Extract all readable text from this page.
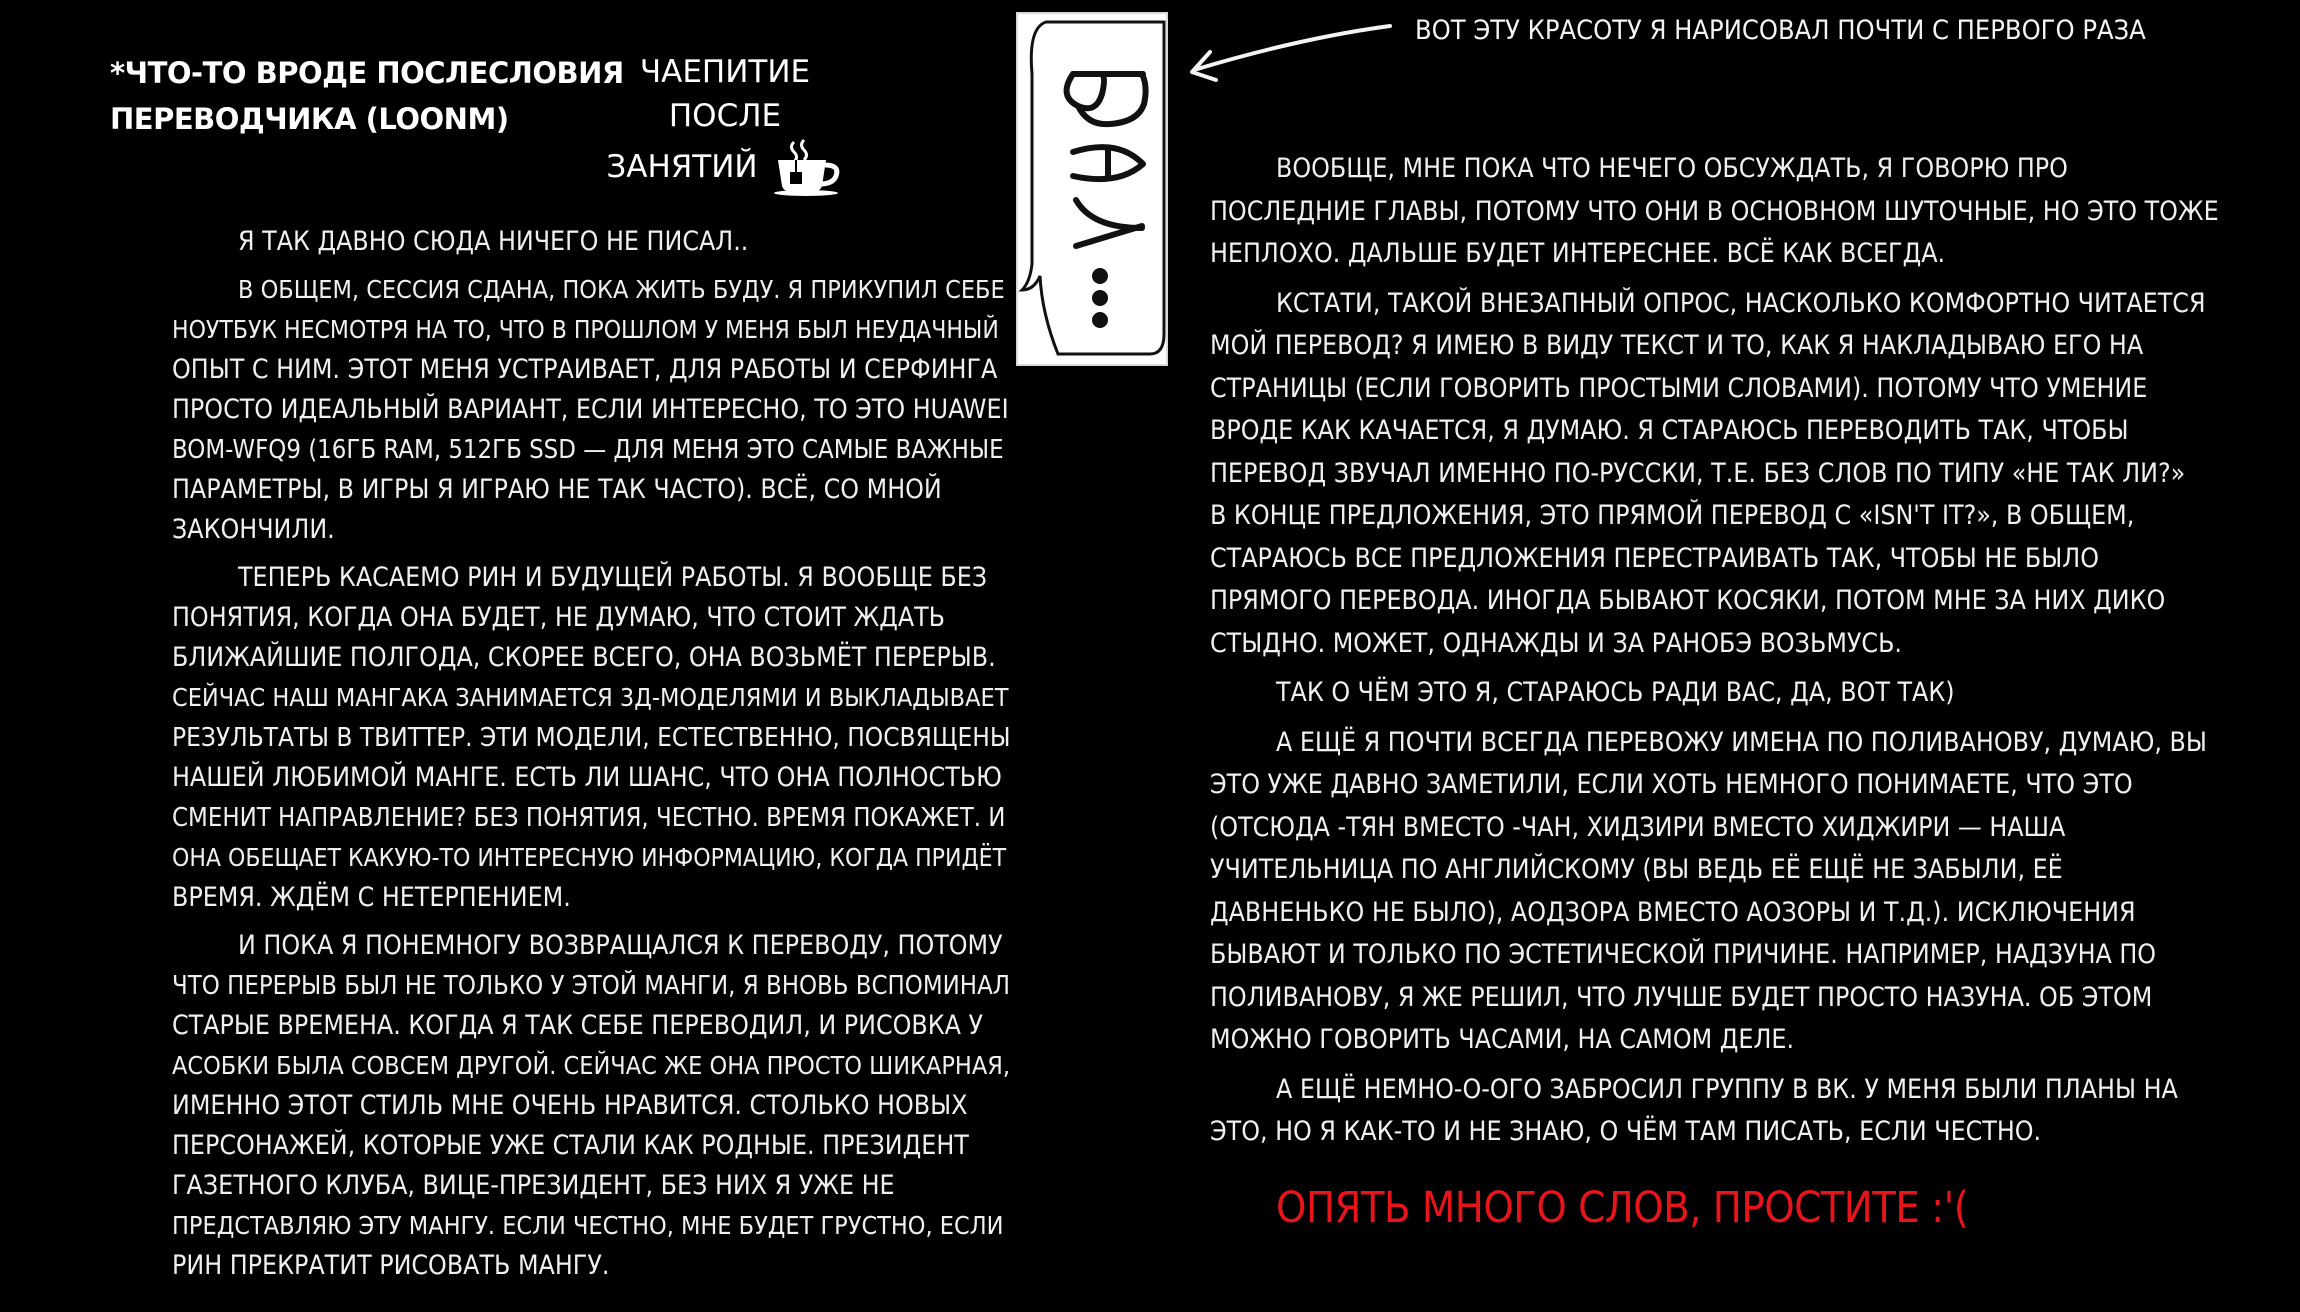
*ЧТО-ТО ВРОДЕ ПОСЛЕСЛОВИЯ
ПЕРЕВОДЧИКА (LOONM)
ЧАЕПИТИЕ
ПОСЛЕ
ЗАНЯТИЙ
ВОТ ЭТУ КРАСОТУ Я НАРИСОВАЛ ПОЧТИ С ПЕРВОГО РАЗА
Я ТАК ДАВНО СЮДА НИЧЕГО НЕ ПИСАЛ..
В ОБЩЕМ, СЕССИЯ СДАНА, ПОКА ЖИТЬ БУДУ. Я ПРИКУПИЛ СЕБЕ
НОУТБУК НЕСМОТРЯ НА ТО, ЧТО В ПРОШЛОМ У МЕНЯ БЫЛ НЕУДАЧНЫЙ
ОПЫТ С НИМ. ЭТОТ МЕНЯ УСТРАИВАЕТ, ДЛЯ РАБОТЫ И СЕРФИНГА
ПРОСТО ИДЕАЛЬНЫЙ ВАРИАНТ, ЕСЛИ ИНТЕРЕСНО, ТО ЭТО HUAWEI
BOM-WFQ9 (16ГБ RAM, 512ГБ SSD — ДЛЯ МЕНЯ ЭТО САМЫЕ ВАЖНЫЕ
ПАРАМЕТРЫ, В ИГРЫ Я ИГРАЮ НЕ ТАК ЧАСТО). ВСЁ, СО МНОЙ
ЗАКОНЧИЛИ.
ТЕПЕРЬ КАСАЕМО РИН И БУДУЩЕЙ РАБОТЫ. Я ВООБЩЕ БЕЗ
ПОНЯТИЯ, КОГДА ОНА БУДЕТ, НЕ ДУМАЮ, ЧТО СТОИТ ЖДАТЬ
БЛИЖАЙШИЕ ПОЛГОДА, СКОРЕЕ ВСЕГО, ОНА ВОЗЬМЁТ ПЕРЕРЫВ.
СЕЙЧАС НАШ МАНГАКА ЗАНИМАЕТСЯ 3Д-МОДЕЛЯМИ И ВЫКЛАДЫВАЕТ
РЕЗУЛЬТАТЫ В ТВИТТЕР. ЭТИ МОДЕЛИ, ЕСТЕСТВЕННО, ПОСВЯЩЕНЫ
НАШЕЙ ЛЮБИМОЙ МАНГЕ. ЕСТЬ ЛИ ШАНС, ЧТО ОНА ПОЛНОСТЬЮ
СМЕНИТ НАПРАВЛЕНИЕ? БЕЗ ПОНЯТИЯ, ЧЕСТНО. ВРЕМЯ ПОКАЖЕТ. И
ОНА ОБЕЩАЕТ КАКУЮ-ТО ИНТЕРЕСНУЮ ИНФОРМАЦИЮ, КОГДА ПРИДЁТ
ВРЕМЯ. ЖДЁМ С НЕТЕРПЕНИЕМ.
И ПОКА Я ПОНЕМНОГУ ВОЗВРАЩАЛСЯ К ПЕРЕВОДУ, ПОТОМУ
ЧТО ПЕРЕРЫВ БЫЛ НЕ ТОЛЬКО У ЭТОЙ МАНГИ, Я ВНОВЬ ВСПОМИНАЛ
СТАРЫЕ ВРЕМЕНА. КОГДА Я ТАК СЕБЕ ПЕРЕВОДИЛ, И РИСОВКА У
АСОБКИ БЫЛА СОВСЕМ ДРУГОЙ. СЕЙЧАС ЖЕ ОНА ПРОСТО ШИКАРНАЯ,
ИМЕННО ЭТОТ СТИЛЬ МНЕ ОЧЕНЬ НРАВИТСЯ. СТОЛЬКО НОВЫХ
ПЕРСОНАЖЕЙ, КОТОРЫЕ УЖЕ СТАЛИ КАК РОДНЫЕ. ПРЕЗИДЕНТ
ГАЗЕТНОГО КЛУБА, ВИЦЕ-ПРЕЗИДЕНТ, БЕЗ НИХ Я УЖЕ НЕ
ПРЕДСТАВЛЯЮ ЭТУ МАНГУ. ЕСЛИ ЧЕСТНО, МНЕ БУДЕТ ГРУСТНО, ЕСЛИ
РИН ПРЕКРАТИТ РИСОВАТЬ МАНГУ.
ВООБЩЕ, МНЕ ПОКА ЧТО НЕЧЕГО ОБСУЖДАТЬ, Я ГОВОРЮ ПРО
ПОСЛЕДНИЕ ГЛАВЫ, ПОТОМУ ЧТО ОНИ В ОСНОВНОМ ШУТОЧНЫЕ, НО ЭТО ТОЖЕ
НЕПЛОХО. ДАЛЬШЕ БУДЕТ ИНТЕРЕСНЕЕ. ВСЁ КАК ВСЕГДА.
КСТАТИ, ТАКОЙ ВНЕЗАПНЫЙ ОПРОС, НАСКОЛЬКО КОМФОРТНО ЧИТАЕТСЯ
МОЙ ПЕРЕВОД? Я ИМЕЮ В ВИДУ ТЕКСТ И ТО, КАК Я НАКЛАДЫВАЮ ЕГО НА
СТРАНИЦЫ (ЕСЛИ ГОВОРИТЬ ПРОСТЫМИ СЛОВАМИ). ПОТОМУ ЧТО УМЕНИЕ
ВРОДЕ КАК КАЧАЕТСЯ, Я ДУМАЮ. Я СТАРАЮСЬ ПЕРЕВОДИТЬ ТАК, ЧТОБЫ
ПЕРЕВОД ЗВУЧАЛ ИМЕННО ПО-РУССКИ, Т.Е. БЕЗ СЛОВ ПО ТИПУ «НЕ ТАК ЛИ?»
В КОНЦЕ ПРЕДЛОЖЕНИЯ, ЭТО ПРЯМОЙ ПЕРЕВОД С «ISN'T IT?», В ОБЩЕМ,
СТАРАЮСЬ ВСЕ ПРЕДЛОЖЕНИЯ ПЕРЕСТРАИВАТЬ ТАК, ЧТОБЫ НЕ БЫЛО
ПРЯМОГО ПЕРЕВОДА. ИНОГДА БЫВАЮТ КОСЯКИ, ПОТОМ МНЕ ЗА НИХ ДИКО
СТЫДНО. МОЖЕТ, ОДНАЖДЫ И ЗА РАНОБЭ ВОЗЬМУСЬ.
ТАК О ЧЁМ ЭТО Я, СТАРАЮСЬ РАДИ ВАС, ДА, ВОТ ТАК)
А ЕЩЁ Я ПОЧТИ ВСЕГДА ПЕРЕВОЖУ ИМЕНА ПО ПОЛИВАНОВУ, ДУМАЮ, ВЫ
ЭТО УЖЕ ДАВНО ЗАМЕТИЛИ, ЕСЛИ ХОТЬ НЕМНОГО ПОНИМАЕТЕ, ЧТО ЭТО
(ОТСЮДА -ТЯН ВМЕСТО -ЧАН, ХИДЗИРИ ВМЕСТО ХИДЖИРИ — НАША
УЧИТЕЛЬНИЦА ПО АНГЛИЙСКОМУ (ВЫ ВЕДЬ ЕЁ ЕЩЁ НЕ ЗАБЫЛИ, ЕЁ
ДАВНЕНЬКО НЕ БЫЛО), АОДЗОРА ВМЕСТО АОЗОРЫ И Т.Д.). ИСКЛЮЧЕНИЯ
БЫВАЮТ И ТОЛЬКО ПО ЭСТЕТИЧЕСКОЙ ПРИЧИНЕ. НАПРИМЕР, НАДЗУНА ПО
ПОЛИВАНОВУ, Я ЖЕ РЕШИЛ, ЧТО ЛУЧШЕ БУДЕТ ПРОСТО НАЗУНА. ОБ ЭТОМ
МОЖНО ГОВОРИТЬ ЧАСАМИ, НА САМОМ ДЕЛЕ.
А ЕЩЁ НЕМНО-О-ОГО ЗАБРОСИЛ ГРУППУ В ВК. У МЕНЯ БЫЛИ ПЛАНЫ НА
ЭТО, НО Я КАК-ТО И НЕ ЗНАЮ, О ЧЁМ ТАМ ПИСАТЬ, ЕСЛИ ЧЕСТНО.
ОПЯТЬ МНОГО СЛОВ, ПРОСТИТЕ :'(
